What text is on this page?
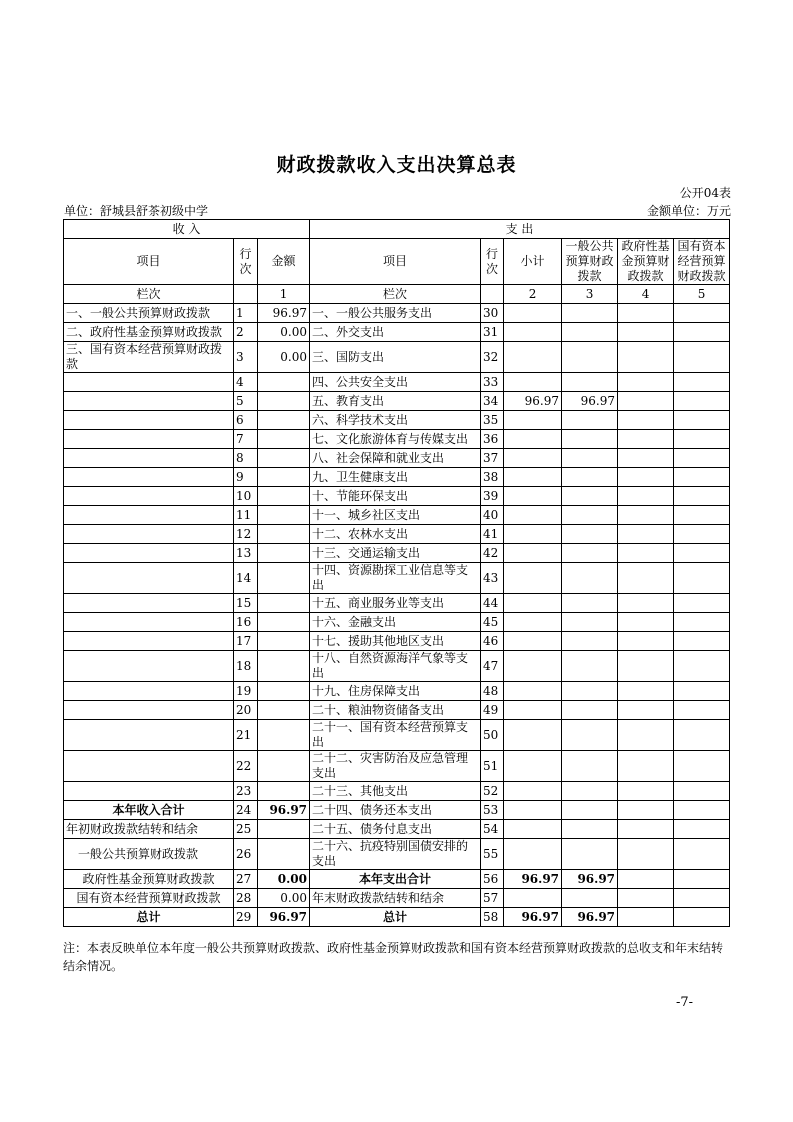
财政拨款收入支出决算总表
公开04表
单位：舒城县舒茶初级中学	金额单位：万元
收 入			支 出					
项目	行次	金额	项目	行次	小计	一般公共预算财政拨款	政府性基金预算财政拨款	国有资本经营预算财政拨款
栏次		1	栏次		2	3	4	5
一、一般公共预算财政拨款	1	96.97	一、一般公共服务支出	30				
二、政府性基金预算财政拨款	2	0.00	二、外交支出	31				
三、国有资本经营预算财政拨款	3	0.00	三、国防支出	32				
	4		四、公共安全支出	33				
	5		五、教育支出	34	96.97	96.97		
	6		六、科学技术支出	35				
	7		七、文化旅游体育与传媒支出	36				
	8		八、社会保障和就业支出	37				
	9		九、卫生健康支出	38				
	10		十、节能环保支出	39				
	11		十一、城乡社区支出	40				
	12		十二、农林水支出	41				
	13		十三、交通运输支出	42				
	14		十四、资源勘探工业信息等支出	43				
	15		十五、商业服务业等支出	44				
	16		十六、金融支出	45				
	17		十七、援助其他地区支出	46				
	18		十八、自然资源海洋气象等支出	47				
	19		十九、住房保障支出	48				
	20		二十、粮油物资储备支出	49				
	21		二十一、国有资本经营预算支出	50				
	22		二十二、灾害防治及应急管理支出	51				
	23		二十三、其他支出	52				
本年收入合计	24	96.97	二十四、债务还本支出	53				
年初财政拨款结转和结余	25		二十五、债务付息支出	54				
一般公共预算财政拨款	26		二十六、抗疫特别国债安排的支出	55				
政府性基金预算财政拨款	27	0.00	本年支出合计	56	96.97	96.97		
国有资本经营预算财政拨款	28	0.00	年末财政拨款结转和结余	57				
总计	29	96.97	总计	58	96.97	96.97		
注：本表反映单位本年度一般公共预算财政拨款、政府性基金预算财政拨款和国有资本经营预算财政拨款的总收支和年末结转结余情况。
-7-
